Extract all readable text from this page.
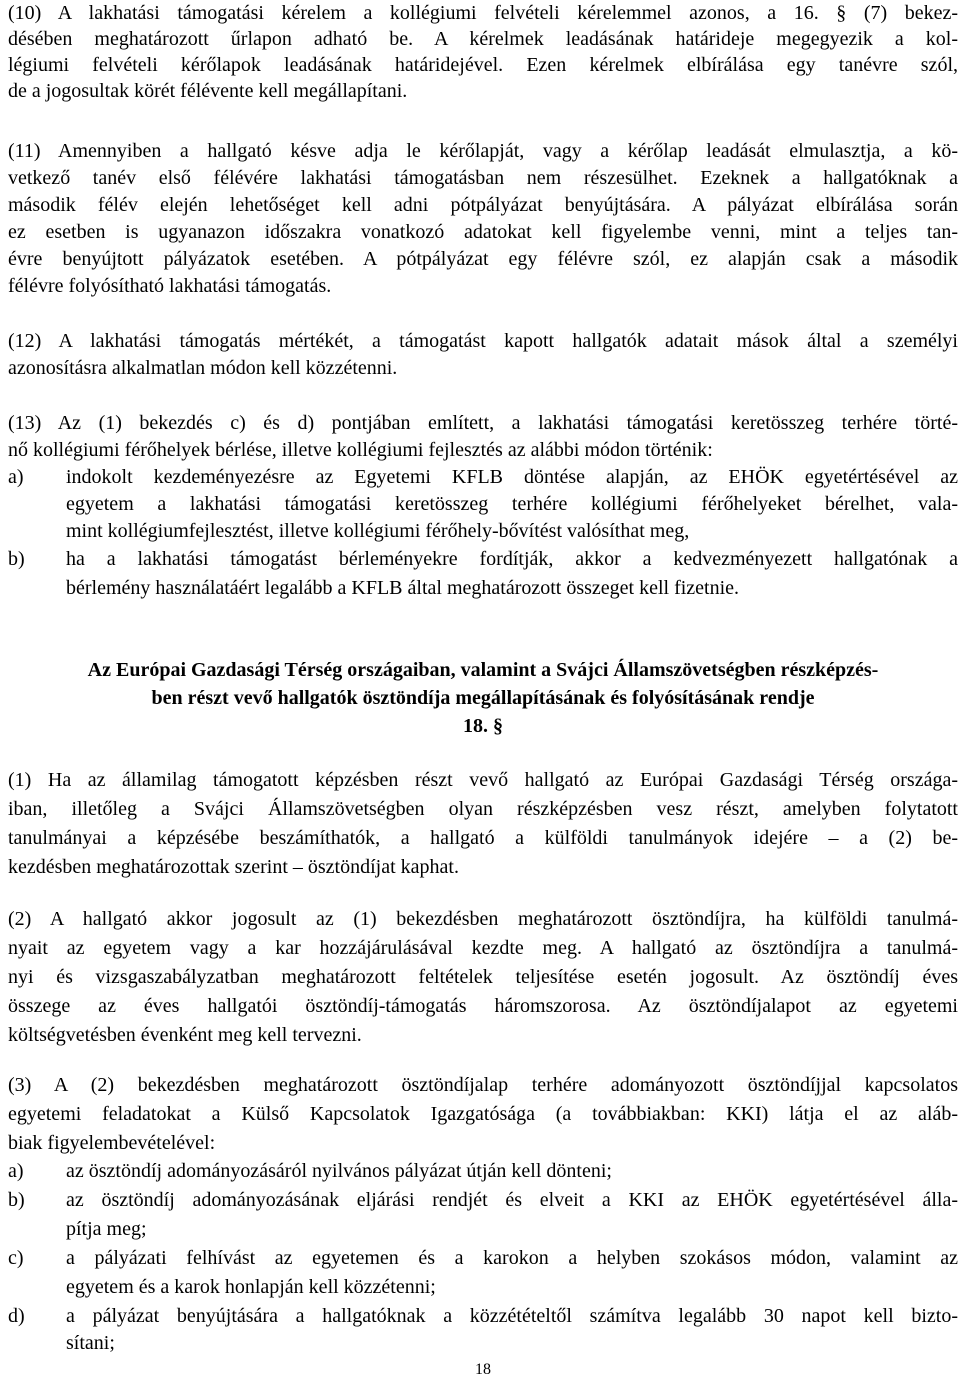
(10) A lakhatási támogatási kérelem a kollégiumi felvételi kérelemmel azonos, a 16. § (7) bekez-
désében meghatározott űrlapon adható be. A kérelmek leadásának határideje megegyezik a kol-
légiumi felvételi kérőlapok leadásának határidejével. Ezen kérelmek elbírálása egy tanévre szól,
de a jogosultak körét félévente kell megállapítani.
(11) Amennyiben a hallgató késve adja le kérőlapját, vagy a kérőlap leadását elmulasztja, a kö-
vetkező tanév első félévére lakhatási támogatásban nem részesülhet. Ezeknek a hallgatóknak a
második félév elején lehetőséget kell adni pótpályázat benyújtására. A pályázat elbírálása során
ez esetben is ugyanazon időszakra vonatkozó adatokat kell figyelembe venni, mint a teljes tan-
évre benyújtott pályázatok esetében. A pótpályázat egy félévre szól, ez alapján csak a második
félévre folyósítható lakhatási támogatás.
(12) A lakhatási támogatás mértékét, a támogatást kapott hallgatók adatait mások által a személyi
azonosításra alkalmatlan módon kell közzétenni.
(13) Az (1) bekezdés c) és d) pontjában említett, a lakhatási támogatási keretösszeg terhére törté-
nő kollégiumi férőhelyek bérlése, illetve kollégiumi fejlesztés az alábbi módon történik:
a) indokolt kezdeményezésre az Egyetemi KFLB döntése alapján, az EHÖK egyetértésével az
egyetem a lakhatási támogatási keretösszeg terhére kollégiumi férőhelyeket bérelhet, vala-
mint kollégiumfejlesztést, illetve kollégiumi férőhely-bővítést valósíthat meg,
b) ha a lakhatási támogatást bérleményekre fordítják, akkor a kedvezményezett hallgatónak a
bérlemény használatáért legalább a KFLB által meghatározott összeget kell fizetnie.
Az Európai Gazdasági Térség országaiban, valamint a Svájci Államszövetségben részképzés-
ben részt vevő hallgatók ösztöndíja megállapításának és folyósításának rendje
18. §
(1) Ha az államilag támogatott képzésben részt vevő hallgató az Európai Gazdasági Térség országa-
iban, illetőleg a Svájci Államszövetségben olyan részképzésben vesz részt, amelyben folytatott
tanulmányai a képzésébe beszámíthatók, a hallgató a külföldi tanulmányok idejére – a (2) be-
kezdésben meghatározottak szerint – ösztöndíjat kaphat.
(2) A hallgató akkor jogosult az (1) bekezdésben meghatározott ösztöndíjra, ha külföldi tanulmá-
nyait az egyetem vagy a kar hozzájárulásával kezdte meg. A hallgató az ösztöndíjra a tanulmá-
nyi és vizsgaszabályzatban meghatározott feltételek teljesítése esetén jogosult. Az ösztöndíj éves
összege az éves hallgatói ösztöndíj-támogatás háromszorosa. Az ösztöndíjalapot az egyetemi
költségvetésben évenként meg kell tervezni.
(3) A (2) bekezdésben meghatározott ösztöndíjalap terhére adományozott ösztöndíjjal kapcsolatos
egyetemi feladatokat a Külső Kapcsolatok Igazgatósága (a továbbiakban: KKI) látja el az aláb-
biak figyelembevételével:
a) az ösztöndíj adományozásáról nyilvános pályázat útján kell dönteni;
b) az ösztöndíj adományozásának eljárási rendjét és elveit a KKI az EHÖK egyetértésével álla-
pítja meg;
c) a pályázati felhívást az egyetemen és a karokon a helyben szokásos módon, valamint az
egyetem és a karok honlapján kell közzétenni;
d) a pályázat benyújtására a hallgatóknak a közzétételtől számítva legalább 30 napot kell bizto-
sítani;
18
